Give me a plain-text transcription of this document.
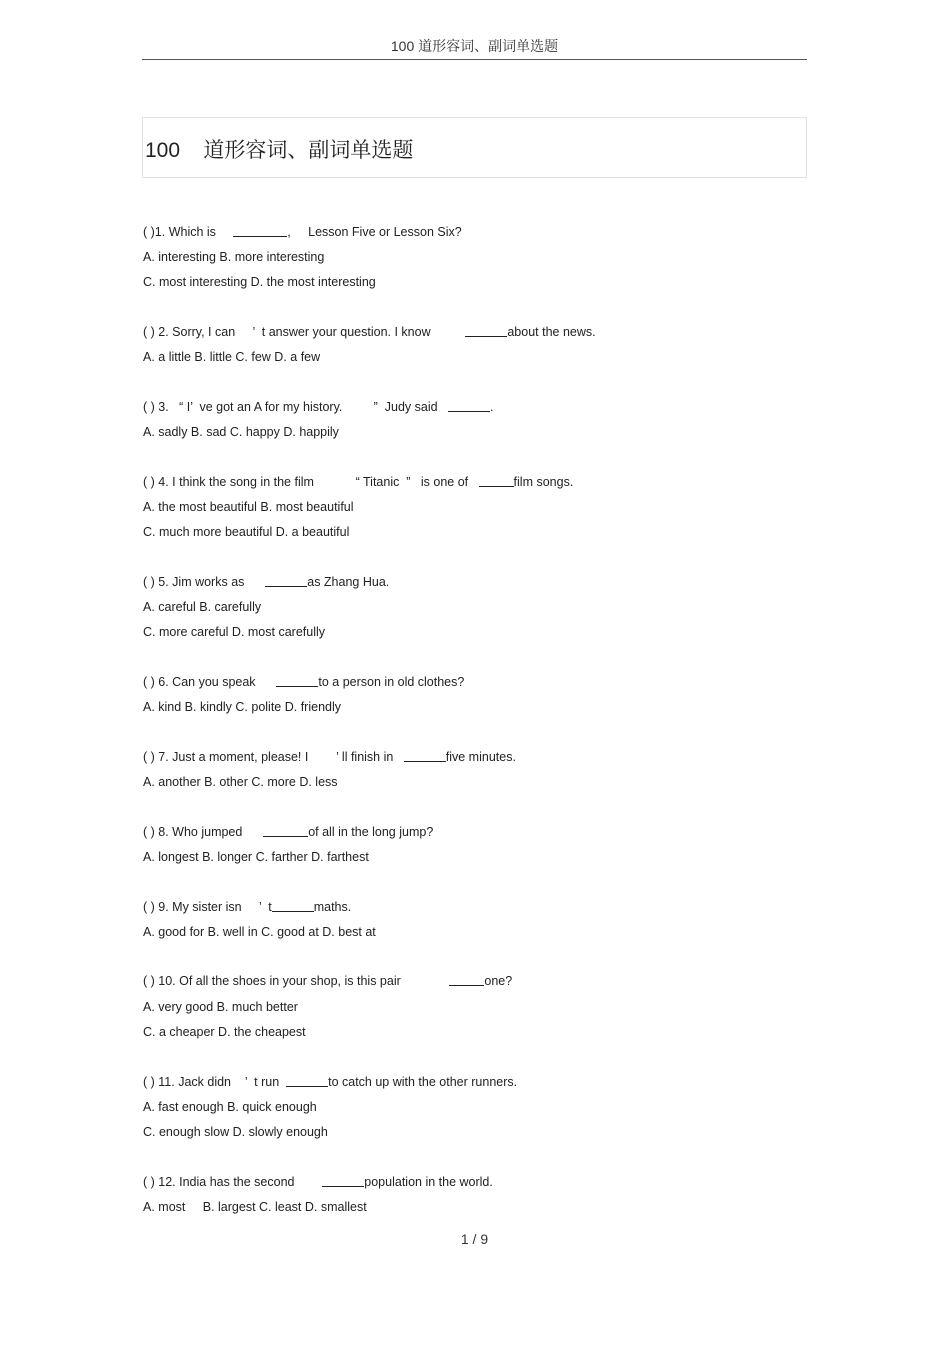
100 道形容词、副词单选题
100    道形容词、副词单选题
( )1. Which is	,     Lesson Five or Lesson Six?
A. interesting B. more interesting
C. most interesting D. the most interesting
( ) 2. Sorry, I can     ’  t answer your question. I know	about the news.
A. a little B. little C. few D. a few
( ) 3.   “ I’  ve got an A for my history.         ”  Judy said	.
A. sadly B. sad C. happy D. happily
( ) 4. I think the song in the film            “ Titanic  ”   is one of	film songs.
A. the most beautiful B. most beautiful
C. much more beautiful D. a beautiful
( ) 5. Jim works as	as Zhang Hua.
A. careful B. carefully
C. more careful D. most carefully
( ) 6. Can you speak	to a person in old clothes?
A. kind B. kindly C. polite D. friendly
( ) 7. Just a moment, please! I        ’ ll finish in	five minutes.
A. another B. other C. more D. less
( ) 8. Who jumped	of all in the long jump?
A. longest B. longer C. farther D. farthest
( ) 9. My sister isn     ’  t	maths.
A. good for B. well in C. good at D. best at
( ) 10. Of all the shoes in your shop, is this pair	one?
A. very good B. much better
C. a cheaper D. the cheapest
( ) 11. Jack didn    ’  t run	to catch up with the other runners.
A. fast enough B. quick enough
C. enough slow D. slowly enough
( ) 12. India has the second	population in the world.
A. most     B. largest C. least D. smallest
1 / 9
